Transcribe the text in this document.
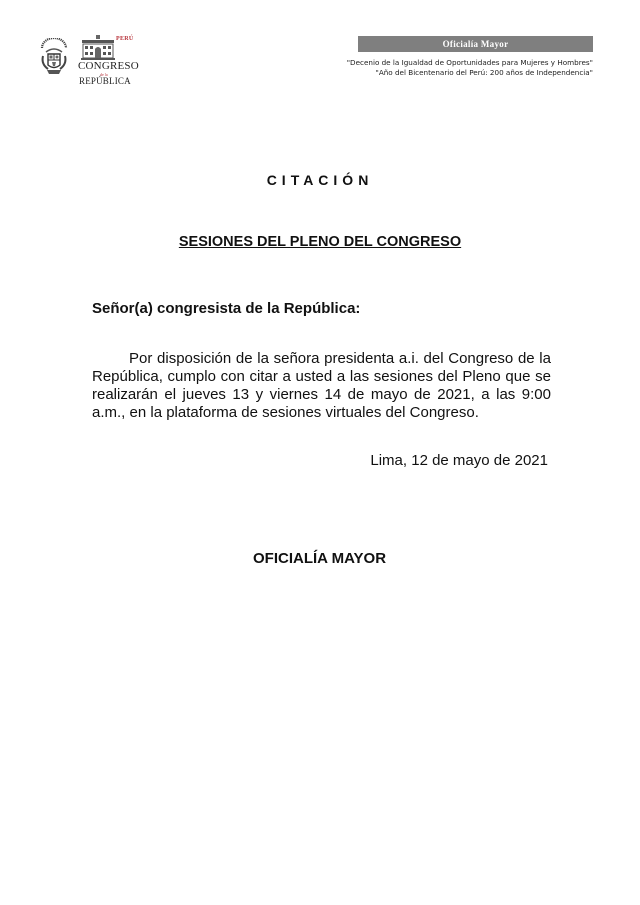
PERÚ
CONGRESO
de la
REPÚBLICA
Oficialía Mayor
"Decenio de la Igualdad de Oportunidades para Mujeres y Hombres"
"Año del Bicentenario del Perú: 200 años de Independencia"
CITACIÓN
SESIONES DEL PLENO DEL CONGRESO
Señor(a) congresista de la República:
Por disposición de la señora presidenta a.i. del Congreso de la República, cumplo con citar a usted a las sesiones del Pleno que se realizarán el jueves 13 y viernes 14 de mayo de 2021, a las 9:00 a.m., en la plataforma de sesiones virtuales del Congreso.
Lima, 12 de mayo de 2021
OFICIALÍA MAYOR
